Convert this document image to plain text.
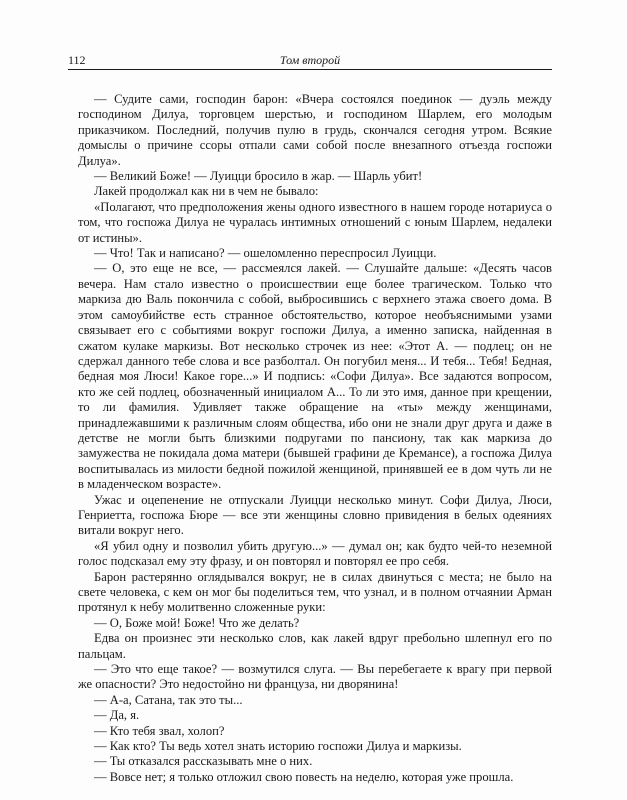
112	Том второй

— Судите сами, господин барон: «Вчера состоялся поединок — дуэль между господином Дилуа, торговцем шерстью, и господином Шарлем, его молодым приказчиком. Последний, получив пулю в грудь, скончался сегодня утром. Всякие домыслы о причине ссоры отпали сами собой после внезапного отъезда госпожи Дилуа».

— Великий Боже! — Луицци бросило в жар. — Шарль убит!

Лакей продолжал как ни в чем не бывало:

«Полагают, что предположения жены одного известного в нашем городе нотариуса о том, что госпожа Дилуа не чуралась интимных отношений с юным Шарлем, недалеки от истины».

— Что! Так и написано? — ошеломленно переспросил Луицци.

— О, это еще не все, — рассмеялся лакей. — Слушайте дальше: «Десять часов вечера. Нам стало известно о происшествии еще более трагическом. Только что маркиза дю Валь покончила с собой, выбросившись с верхнего этажа своего дома. В этом самоубийстве есть странное обстоятельство, которое необъяснимыми узами связывает его с событиями вокруг госпожи Дилуа, а именно записка, найденная в сжатом кулаке маркизы. Вот несколько строчек из нее: «Этот А. — подлец; он не сдержал данного тебе слова и все разболтал. Он погубил меня... И тебя... Тебя! Бедная, бедная моя Люси! Какое горе...» И подпись: «Софи Дилуа». Все задаются вопросом, кто же сей подлец, обозначенный инициалом А... То ли это имя, данное при крещении, то ли фамилия. Удивляет также обращение на «ты» между женщинами, принадлежавшими к различным слоям общества, ибо они не знали друг друга и даже в детстве не могли быть близкими подругами по пансиону, так как маркиза до замужества не покидала дома матери (бывшей графини де Кремансе), а госпожа Дилуа воспитывалась из милости бедной пожилой женщиной, принявшей ее в дом чуть ли не в младенческом возрасте».

Ужас и оцепенение не отпускали Луицци несколько минут. Софи Дилуа, Люси, Генриетта, госпожа Бюре — все эти женщины словно привидения в белых одеяниях витали вокруг него.

«Я убил одну и позволил убить другую...» — думал он; как будто чей-то неземной голос подсказал ему эту фразу, и он повторял и повторял ее про себя.

Барон растерянно оглядывался вокруг, не в силах двинуться с места; не было на свете человека, с кем он мог бы поделиться тем, что узнал, и в полном отчаянии Арман протянул к небу молитвенно сложенные руки:

— О, Боже мой! Боже! Что же делать?

Едва он произнес эти несколько слов, как лакей вдруг пребольно шлепнул его по пальцам.

— Это что еще такое? — возмутился слуга. — Вы перебегаете к врагу при первой же опасности? Это недостойно ни француза, ни дворянина!

— А-а, Сатана, так это ты...

— Да, я.

— Кто тебя звал, холоп?

— Как кто? Ты ведь хотел знать историю госпожи Дилуа и маркизы.

— Ты отказался рассказывать мне о них.

— Вовсе нет; я только отложил свою повесть на неделю, которая уже прошла.
